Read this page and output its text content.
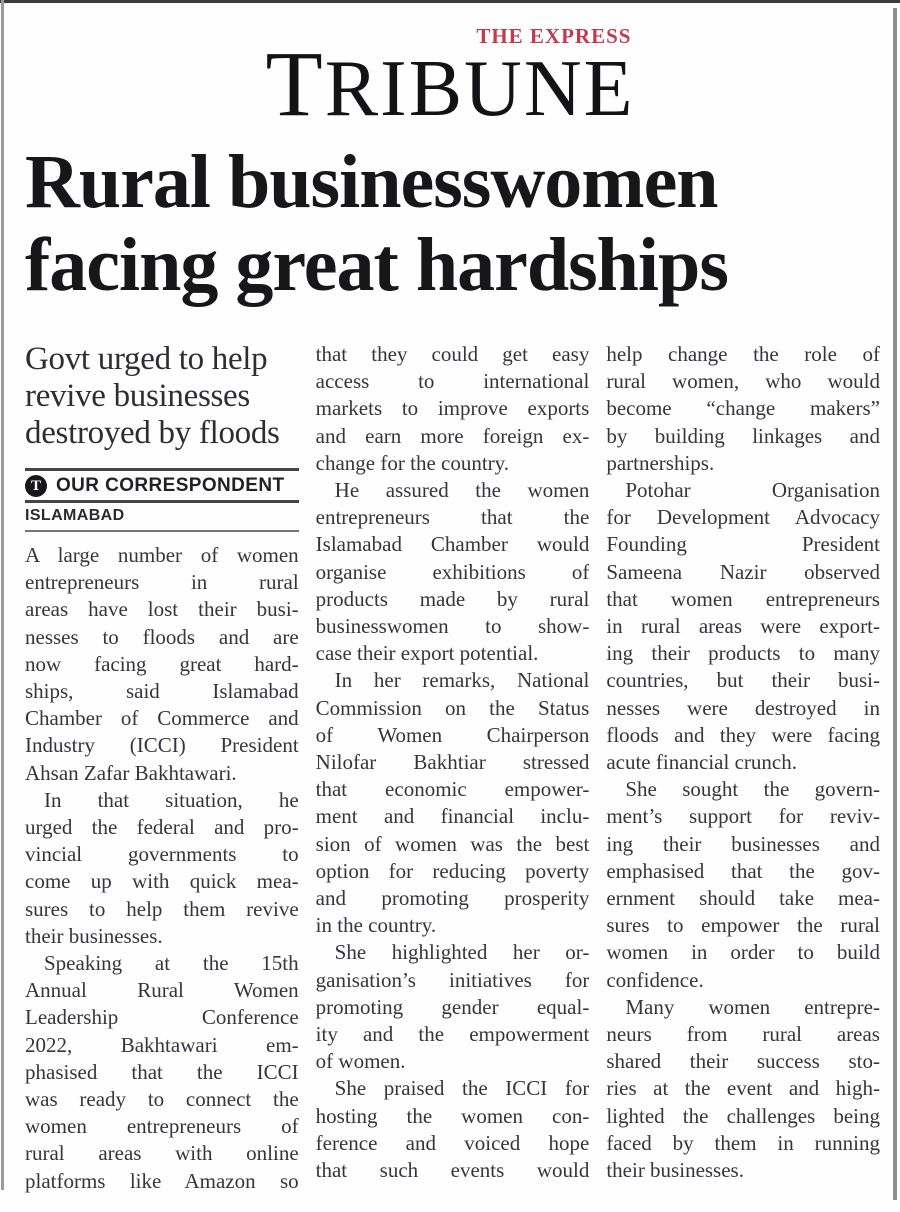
THE EXPRESS
TRIBUNE
Rural businesswomen
facing great hardships
Govt urged to help
revive businesses
destroyed by floods
T OUR CORRESPONDENT
ISLAMABAD
A large number of women
entrepreneurs in rural
areas have lost their busi-
nesses to floods and are
now facing great hard-
ships, said Islamabad
Chamber of Commerce and
Industry (ICCI) President
Ahsan Zafar Bakhtawari.
In that situation, he
urged the federal and pro-
vincial governments to
come up with quick mea-
sures to help them revive
their businesses.
Speaking at the 15th
Annual Rural Women
Leadership Conference
2022, Bakhtawari em-
phasised that the ICCI
was ready to connect the
women entrepreneurs of
rural areas with online
platforms like Amazon so
that they could get easy
access to international
markets to improve exports
and earn more foreign ex-
change for the country.
He assured the women
entrepreneurs that the
Islamabad Chamber would
organise exhibitions of
products made by rural
businesswomen to show-
case their export potential.
In her remarks, National
Commission on the Status
of Women Chairperson
Nilofar Bakhtiar stressed
that economic empower-
ment and financial inclu-
sion of women was the best
option for reducing poverty
and promoting prosperity
in the country.
She highlighted her or-
ganisation’s initiatives for
promoting gender equal-
ity and the empowerment
of women.
She praised the ICCI for
hosting the women con-
ference and voiced hope
that such events would
help change the role of
rural women, who would
become “change makers”
by building linkages and
partnerships.
Potohar Organisation
for Development Advocacy
Founding President
Sameena Nazir observed
that women entrepreneurs
in rural areas were export-
ing their products to many
countries, but their busi-
nesses were destroyed in
floods and they were facing
acute financial crunch.
She sought the govern-
ment’s support for reviv-
ing their businesses and
emphasised that the gov-
ernment should take mea-
sures to empower the rural
women in order to build
confidence.
Many women entrepre-
neurs from rural areas
shared their success sto-
ries at the event and high-
lighted the challenges being
faced by them in running
their businesses.
